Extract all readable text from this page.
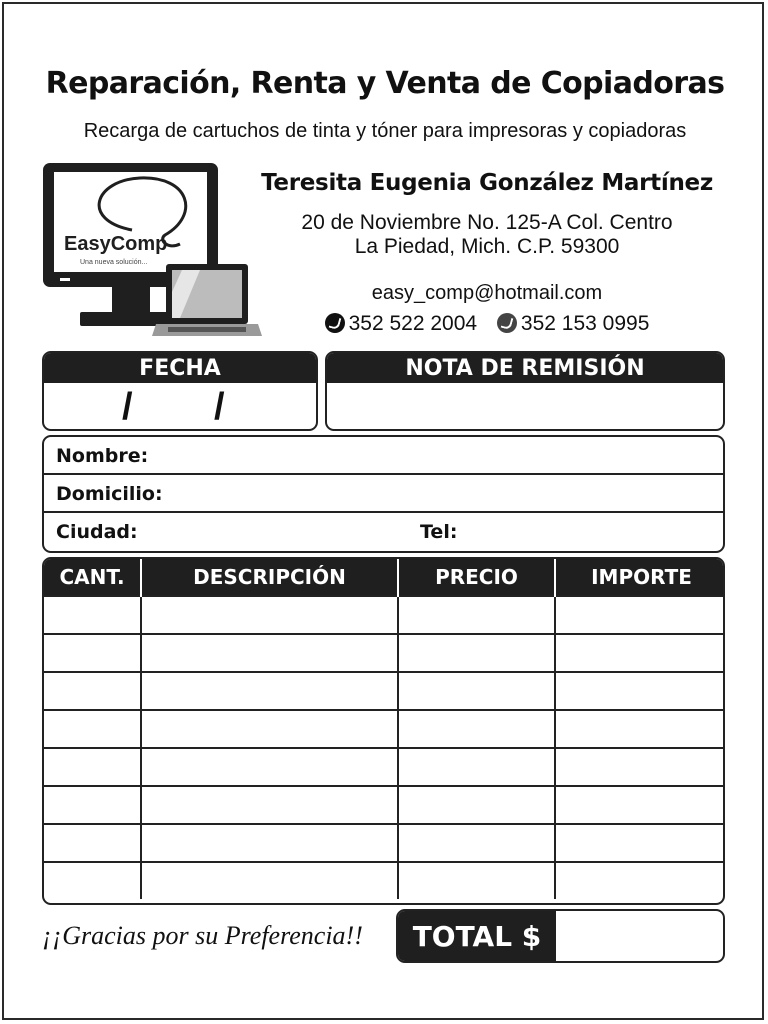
Reparación, Renta y Venta de Copiadoras
Recarga de cartuchos de tinta y tóner para impresoras y copiadoras
EasyComp
Una nueva solución...
Teresita Eugenia González Martínez
20 de Noviembre No. 125-A Col. Centro
La Piedad, Mich. C.P. 59300
easy_comp@hotmail.com
352 522 2004 352 153 0995
FECHA
/ /
NOTA DE REMISIÓN
Nombre:
Domicilio:
Ciudad:	Tel:
CANT.	DESCRIPCIÓN	PRECIO	IMPORTE

¡¡Gracias por su Preferencia!!	TOTAL $
